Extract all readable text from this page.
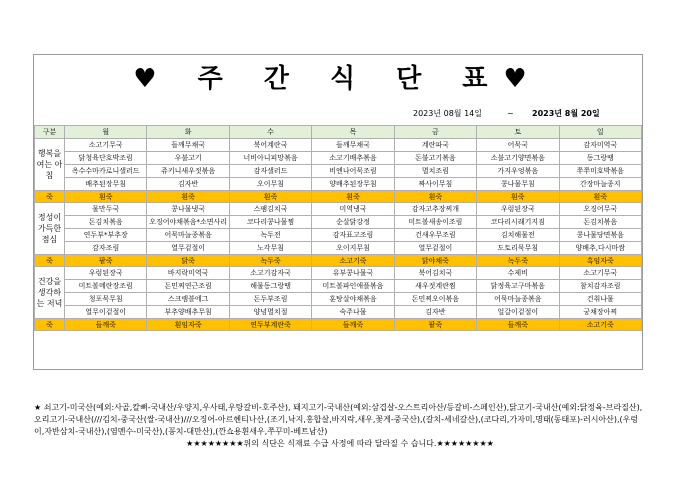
♥ 주 간 식 단 표♥
2023년 08월 14일	~ 2023년 8월 20일
구분	월	화	수	목	금	토	일
행복을 여는 아침	소고기무국	들깨무채국	북어계란국	들깨무채국	계란파국	어묵국	감자미역국
	닭청육단호박조림	우불고기	너비아니피망볶음	소고기배추볶음	돈불고기볶음	소불고기양면볶음	동그랑땡
	옥수수마카로니샐러드	쥬키니새우젓볶음	감자샐러드	비엔나어묵조림	멸치조림	가지우엉볶음	쭈쭈미호박볶음
	배추된장무침	김자반	오이무침	양배추된장무침	짜사이무침	콩나물무침	간장마늘종지
죽	흰죽	흰죽	흰죽	흰죽	흰죽	흰죽	흰죽
정성이 가득한 점심	물만두국	콩나물냉국	스팸김치국	미역냉국	감자고추장찌개	우렁된장국	오징어무국
	돈김치볶음	오징어야채볶음*소면사리	코다리콩나물찜	순살닭강정	미트볼새송이조림	코다리시래기지짐	돈김치볶음
	연두부*부추장	어묵마늘종볶음	녹두전	감자표고조림	건새우무조림	김치해물전	콩나물당면볶음
	감자조림	열무겉절이	노각무침	오이지무침	열무겉절이	도토리묵무침	양배추,다시마쌈
죽	팥죽	닭죽	녹두죽	소고기죽	닭야채죽	녹두죽	흑임자죽
건강을 생각하는 저녁	우렁된장국	바지락미역국	소고기감자국	유부콩나물국	북어김치국	수제비	소고기무국
	미트볼메란장조림	돈민찌연근조림	해물동그랑땡	미트볼파인애플볶음	새우젓계란찜	닭정육고구마볶음	참치감자조림
	청포묵무침	스크램블에그	돈두부조림	훈탕살야채볶음	돈민찌오이볶음	어묵마늘종볶음	건취나물
	열무이겉절이	부추양배추무침	양념멸치절	숙주나물	김자반	얼갈이겉절이	궁채장아찌
죽	들깨죽	흰임자죽	연두부계란죽	들깨죽	팥죽	들깨죽	소고기죽

★ 쇠고기-미국산(예외:사골,칼뼈-국내산/우양지,우사태,우탕갈비-호주산), 돼지고기-국내산(예외:삼겹살-오스트리아산/등갈비-스페인산),닭고기-국내산(예외:닭정육-브라질산),오리고기-국내산(///김치-중국산(쌀-국내산)///오징어-아르헨티나산,(조기,낙지,홍합살,바지락,새우,꽃게-중국산),(갈치-세네갈산),(코다리,가자미,명태(동태포)-러시아산),(우렁이,자반삼치-국내산),(염멘수-미국산),(꽁치-대만산),(깐쇼용흰새우,쭈꾸미-베트남산)

★★★★★★★★위의 식단은 식재료 수급 사정에 따라 달라질 수 습니다.★★★★★★★★
